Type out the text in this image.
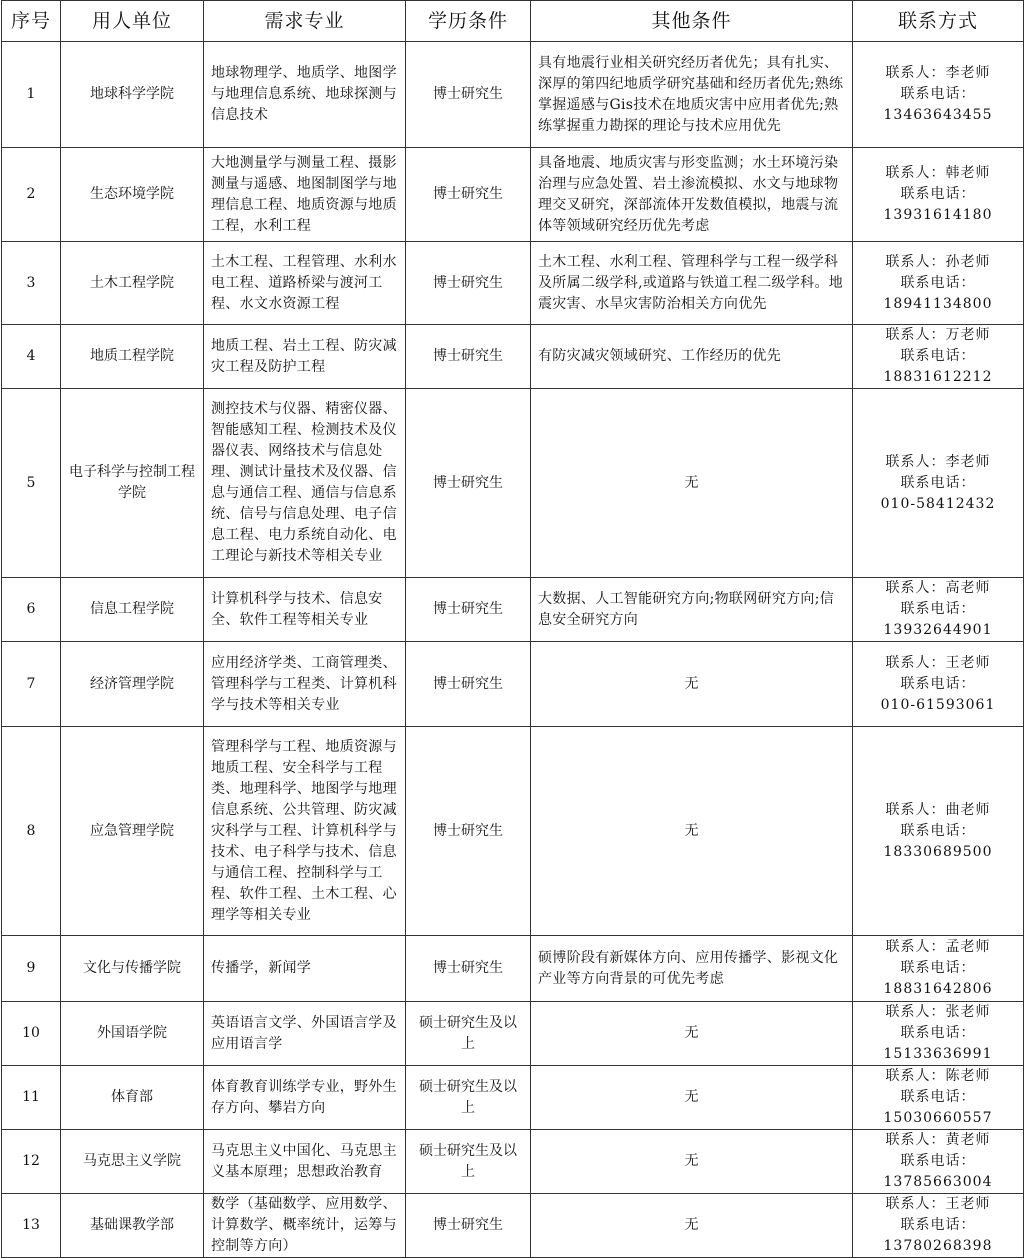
序号	用人单位	需求专业	学历条件	其他条件	联系方式
1	地球科学学院	地球物理学、地质学、地图学与地理信息系统、地球探测与信息技术	博士研究生	具有地震行业相关研究经历者优先；具有扎实、深厚的第四纪地质学研究基础和经历者优先;熟练掌握遥感与Gis技术在地质灾害中应用者优先;熟练掌握重力勘探的理论与技术应用优先	联系人：李老师
联系电话：
13463643455

2	生态环境学院	大地测量学与测量工程、摄影测量与遥感、地图制图学与地理信息工程、地质资源与地质工程，水利工程	博士研究生	具备地震、地质灾害与形变监测；水土环境污染治理与应急处置、岩土渗流模拟、水文与地球物理交叉研究，深部流体开发数值模拟，地震与流体等领域研究经历优先考虑	联系人：韩老师
联系电话：
13931614180

3	土木工程学院	土木工程、工程管理、水利水电工程、道路桥梁与渡河工程、水文水资源工程	博士研究生	土木工程、水利工程、管理科学与工程一级学科及所属二级学科,或道路与铁道工程二级学科。地震灾害、水旱灾害防治相关方向优先	联系人：孙老师
联系电话：
18941134800

4	地质工程学院	地质工程、岩土工程、防灾减灾工程及防护工程	博士研究生	有防灾减灾领域研究、工作经历的优先	联系人：万老师
联系电话：
18831612212

5	电子科学与控制工程学院	测控技术与仪器、精密仪器、智能感知工程、检测技术及仪器仪表、网络技术与信息处理、测试计量技术及仪器、信息与通信工程、通信与信息系统、信号与信息处理、电子信息工程、电力系统自动化、电工理论与新技术等相关专业	博士研究生	无	联系人：李老师
联系电话：
010-58412432

6	信息工程学院	计算机科学与技术、信息安全、软件工程等相关专业	博士研究生	大数据、人工智能研究方向;物联网研究方向;信息安全研究方向	联系人：高老师
联系电话：
13932644901

7	经济管理学院	应用经济学类、工商管理类、管理科学与工程类、计算机科学与技术等相关专业	博士研究生	无	联系人：王老师
联系电话：
010-61593061

8	应急管理学院	管理科学与工程、地质资源与地质工程、安全科学与工程类、地理科学、地图学与地理信息系统、公共管理、防灾减灾科学与工程、计算机科学与技术、电子科学与技术、信息与通信工程、控制科学与工程、软件工程、土木工程、心理学等相关专业	博士研究生	无	联系人：曲老师
联系电话：
18330689500

9	文化与传播学院	传播学，新闻学	博士研究生	硕博阶段有新媒体方向、应用传播学、影视文化产业等方向背景的可优先考虑	联系人：孟老师
联系电话：
18831642806

10	外国语学院	英语语言文学、外国语言学及应用语言学	硕士研究生及以上	无	联系人：张老师
联系电话：
15133636991

11	体育部	体育教育训练学专业，野外生存方向、攀岩方向	硕士研究生及以上	无	联系人：陈老师
联系电话：
15030660557

12	马克思主义学院	马克思主义中国化、马克思主义基本原理；思想政治教育	硕士研究生及以上	无	联系人：黄老师
联系电话：
13785663004

13	基础课教学部	数学（基础数学、应用数学、计算数学、概率统计，运筹与控制等方向）	博士研究生	无	联系人：王老师
联系电话：
13780268398
